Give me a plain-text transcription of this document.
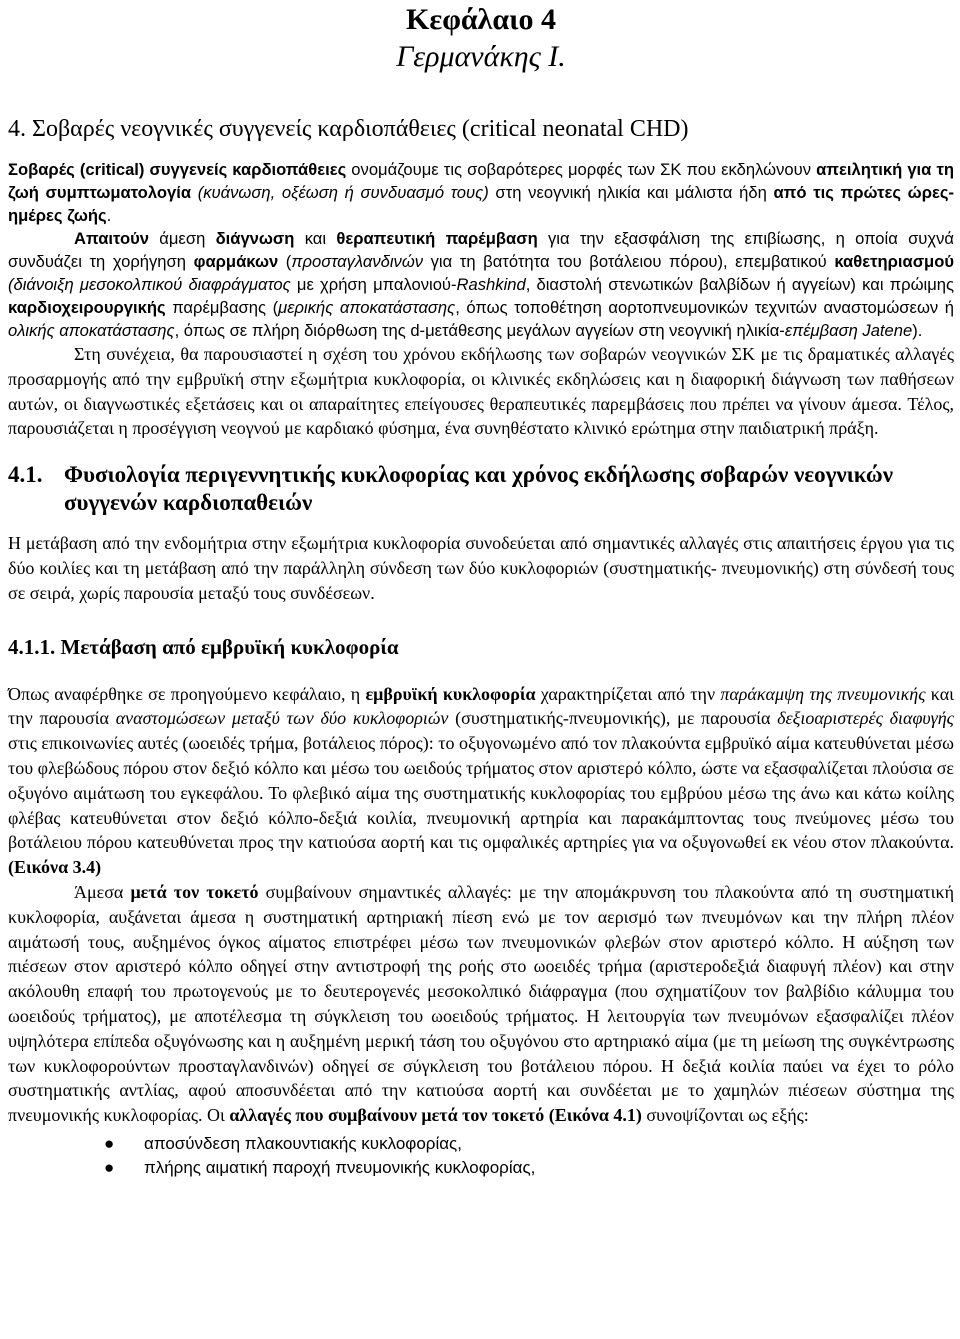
Κεφάλαιο 4
Γερμανάκης Ι.
4. Σοβαρές νεογνικές συγγενείς καρδιοπάθειες (critical neonatal CHD)

Σοβαρές (critical) συγγενείς καρδιοπάθειες ονομάζουμε τις σοβαρότερες μορφές των ΣΚ που εκδηλώνουν απειλητική για τη ζωή συμπτωματολογία (κυάνωση, οξέωση ή συνδυασμό τους) στη νεογνική ηλικία και μάλιστα ήδη από τις πρώτες ώρες-ημέρες ζωής.

Απαιτούν άμεση διάγνωση και θεραπευτική παρέμβαση για την εξασφάλιση της επιβίωσης, η οποία συχνά συνδυάζει τη χορήγηση φαρμάκων (προσταγλανδινών για τη βατότητα του βοτάλειου πόρου), επεμβατικού καθετηριασμού (διάνοιξη μεσοκολπικού διαφράγματος με χρήση μπαλονιού-Rashkind, διαστολή στενωτικών βαλβίδων ή αγγείων) και πρώιμης καρδιοχειρουργικής παρέμβασης (μερικής αποκατάστασης, όπως τοποθέτηση αορτοπνευμονικών τεχνιτών αναστομώσεων ή ολικής αποκατάστασης, όπως σε πλήρη διόρθωση της d-μετάθεσης μεγάλων αγγείων στη νεογνική ηλικία-επέμβαση Jatene).

Στη συνέχεια, θα παρουσιαστεί η σχέση του χρόνου εκδήλωσης των σοβαρών νεογνικών ΣΚ με τις δραματικές αλλαγές προσαρμογής από την εμβρυϊκή στην εξωμήτρια κυκλοφορία, οι κλινικές εκδηλώσεις και η διαφορική διάγνωση των παθήσεων αυτών, οι διαγνωστικές εξετάσεις και οι απαραίτητες επείγουσες θεραπευτικές παρεμβάσεις που πρέπει να γίνουν άμεσα. Τέλος, παρουσιάζεται η προσέγγιση νεογνού με καρδιακό φύσημα, ένα συνηθέστατο κλινικό ερώτημα στην παιδιατρική πράξη.

4.1. Φυσιολογία περιγεννητικής κυκλοφορίας και χρόνος εκδήλωσης σοβαρών νεογνικών συγγενών καρδιοπαθειών

Η μετάβαση από την ενδομήτρια στην εξωμήτρια κυκλοφορία συνοδεύεται από σημαντικές αλλαγές στις απαιτήσεις έργου για τις δύο κοιλίες και τη μετάβαση από την παράλληλη σύνδεση των δύο κυκλοφοριών (συστηματικής- πνευμονικής) στη σύνδεσή τους σε σειρά, χωρίς παρουσία μεταξύ τους συνδέσεων.

4.1.1. Μετάβαση από εμβρυϊκή κυκλοφορία

Όπως αναφέρθηκε σε προηγούμενο κεφάλαιο, η εμβρυϊκή κυκλοφορία χαρακτηρίζεται από την παράκαμψη της πνευμονικής και την παρουσία αναστομώσεων μεταξύ των δύο κυκλοφοριών (συστηματικής-πνευμονικής), με παρουσία δεξιοαριστερές διαφυγής στις επικοινωνίες αυτές (ωοειδές τρήμα, βοτάλειος πόρος): το οξυγονωμένο από τον πλακούντα εμβρυϊκό αίμα κατευθύνεται μέσω του φλεβώδους πόρου στον δεξιό κόλπο και μέσω του ωειδούς τρήματος στον αριστερό κόλπο, ώστε να εξασφαλίζεται πλούσια σε οξυγόνο αιμάτωση του εγκεφάλου. Το φλεβικό αίμα της συστηματικής κυκλοφορίας του εμβρύου μέσω της άνω και κάτω κοίλης φλέβας κατευθύνεται στον δεξιό κόλπο-δεξιά κοιλία, πνευμονική αρτηρία και παρακάμπτοντας τους πνεύμονες μέσω του βοτάλειου πόρου κατευθύνεται προς την κατιούσα αορτή και τις ομφαλικές αρτηρίες για να οξυγονωθεί εκ νέου στον πλακούντα. (Εικόνα 3.4)

Άμεσα μετά τον τοκετό συμβαίνουν σημαντικές αλλαγές: με την απομάκρυνση του πλακούντα από τη συστηματική κυκλοφορία, αυξάνεται άμεσα η συστηματική αρτηριακή πίεση ενώ με τον αερισμό των πνευμόνων και την πλήρη πλέον αιμάτωσή τους, αυξημένος όγκος αίματος επιστρέφει μέσω των πνευμονικών φλεβών στον αριστερό κόλπο. Η αύξηση των πιέσεων στον αριστερό κόλπο οδηγεί στην αντιστροφή της ροής στο ωοειδές τρήμα (αριστεροδεξιά διαφυγή πλέον) και στην ακόλουθη επαφή του πρωτογενούς με το δευτερογενές μεσοκολπικό διάφραγμα (που σχηματίζουν τον βαλβίδιο κάλυμμα του ωοειδούς τρήματος), με αποτέλεσμα τη σύγκλειση του ωοειδούς τρήματος. Η λειτουργία των πνευμόνων εξασφαλίζει πλέον υψηλότερα επίπεδα οξυγόνωσης και η αυξημένη μερική τάση του οξυγόνου στο αρτηριακό αίμα (με τη μείωση της συγκέντρωσης των κυκλοφορούντων προσταγλανδινών) οδηγεί σε σύγκλειση του βοτάλειου πόρου. Η δεξιά κοιλία παύει να έχει το ρόλο συστηματικής αντλίας, αφού αποσυνδέεται από την κατιούσα αορτή και συνδέεται με το χαμηλών πιέσεων σύστημα της πνευμονικής κυκλοφορίας. Οι αλλαγές που συμβαίνουν μετά τον τοκετό (Εικόνα 4.1) συνοψίζονται ως εξής:

● αποσύνδεση πλακουντιακής κυκλοφορίας,
● πλήρης αιματική παροχή πνευμονικής κυκλοφορίας,
